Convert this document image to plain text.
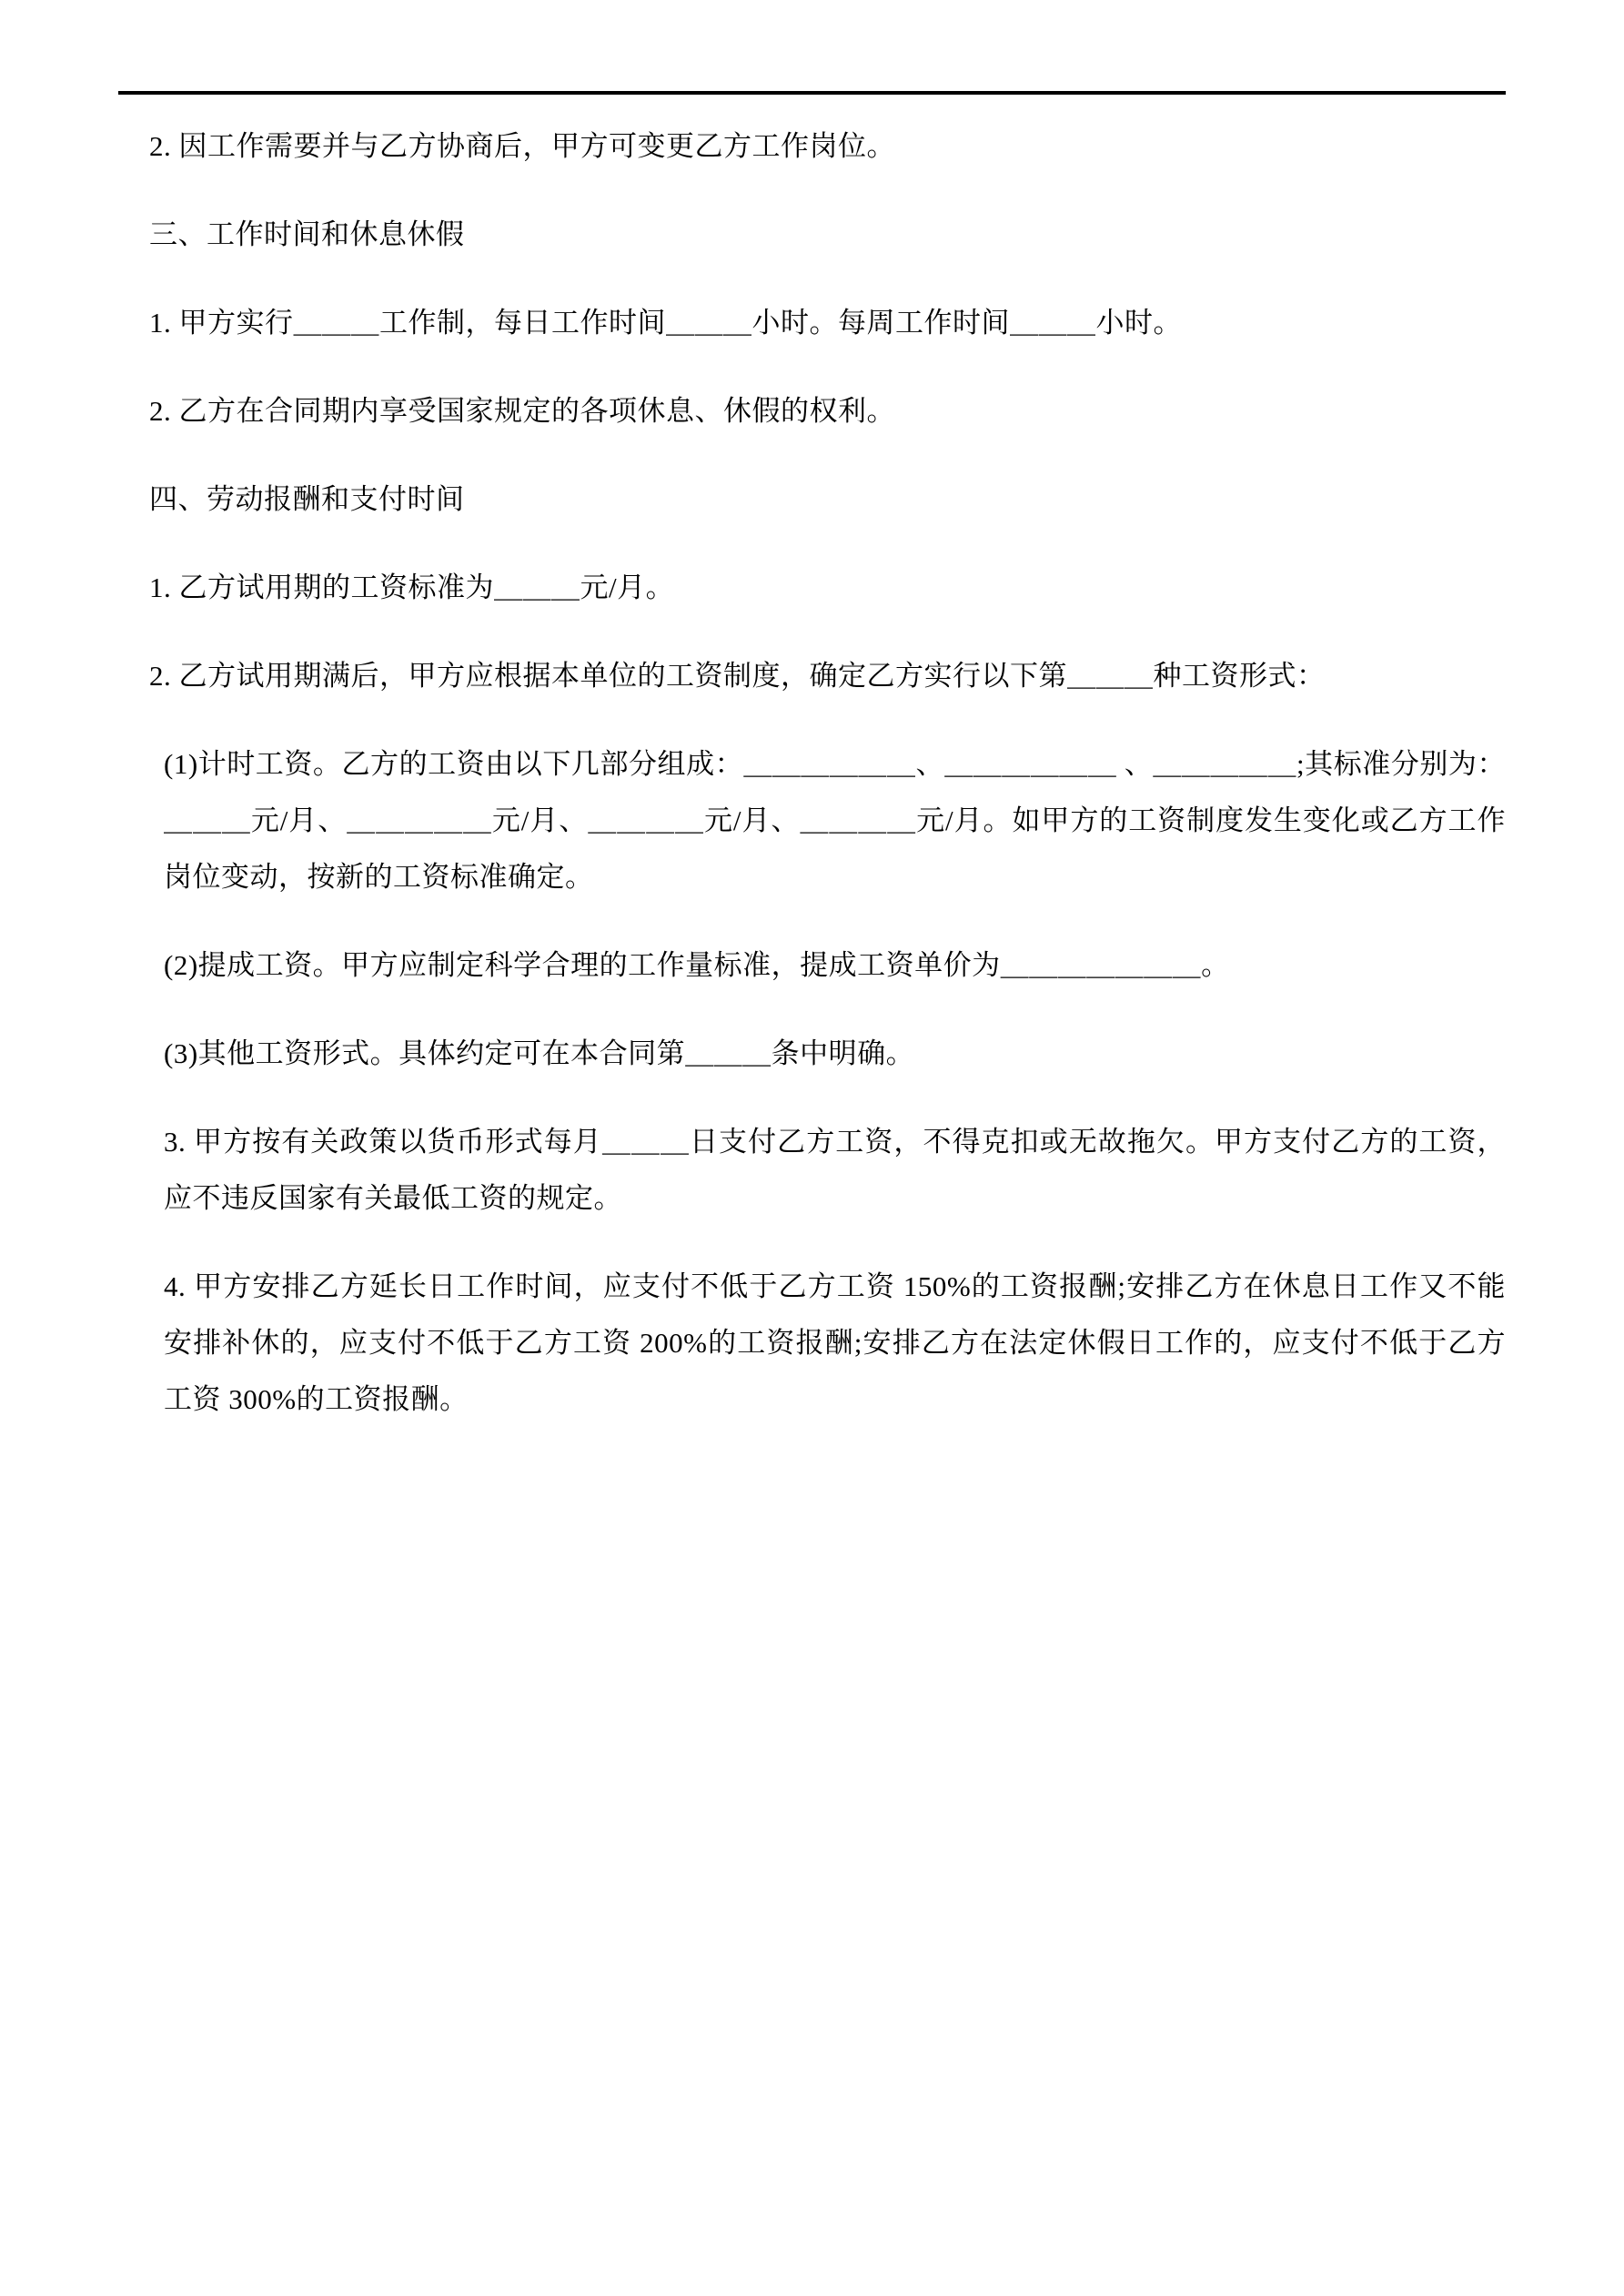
2. 因工作需要并与乙方协商后，甲方可变更乙方工作岗位。

三、工作时间和休息休假

1. 甲方实行＿＿＿工作制，每日工作时间＿＿＿小时。每周工作时间＿＿＿小时。

2. 乙方在合同期内享受国家规定的各项休息、休假的权利。

四、劳动报酬和支付时间

1. 乙方试用期的工资标准为＿＿＿元/月。

2. 乙方试用期满后，甲方应根据本单位的工资制度，确定乙方实行以下第＿＿＿种工资形式：

(1)计时工资。乙方的工资由以下几部分组成：＿＿＿＿＿＿、＿＿＿＿＿＿ 、＿＿＿＿＿;其标准分别为：＿＿＿元/月、＿＿＿＿＿元/月、＿＿＿＿元/月、＿＿＿＿元/月。如甲方的工资制度发生变化或乙方工作岗位变动，按新的工资标准确定。

(2)提成工资。甲方应制定科学合理的工作量标准，提成工资单价为＿＿＿＿＿＿＿。

(3)其他工资形式。具体约定可在本合同第＿＿＿条中明确。

3. 甲方按有关政策以货币形式每月＿＿＿日支付乙方工资，不得克扣或无故拖欠。甲方支付乙方的工资，应不违反国家有关最低工资的规定。

4. 甲方安排乙方延长日工作时间，应支付不低于乙方工资 150%的工资报酬;安排乙方在休息日工作又不能安排补休的，应支付不低于乙方工资 200%的工资报酬;安排乙方在法定休假日工作的，应支付不低于乙方工资 300%的工资报酬。
